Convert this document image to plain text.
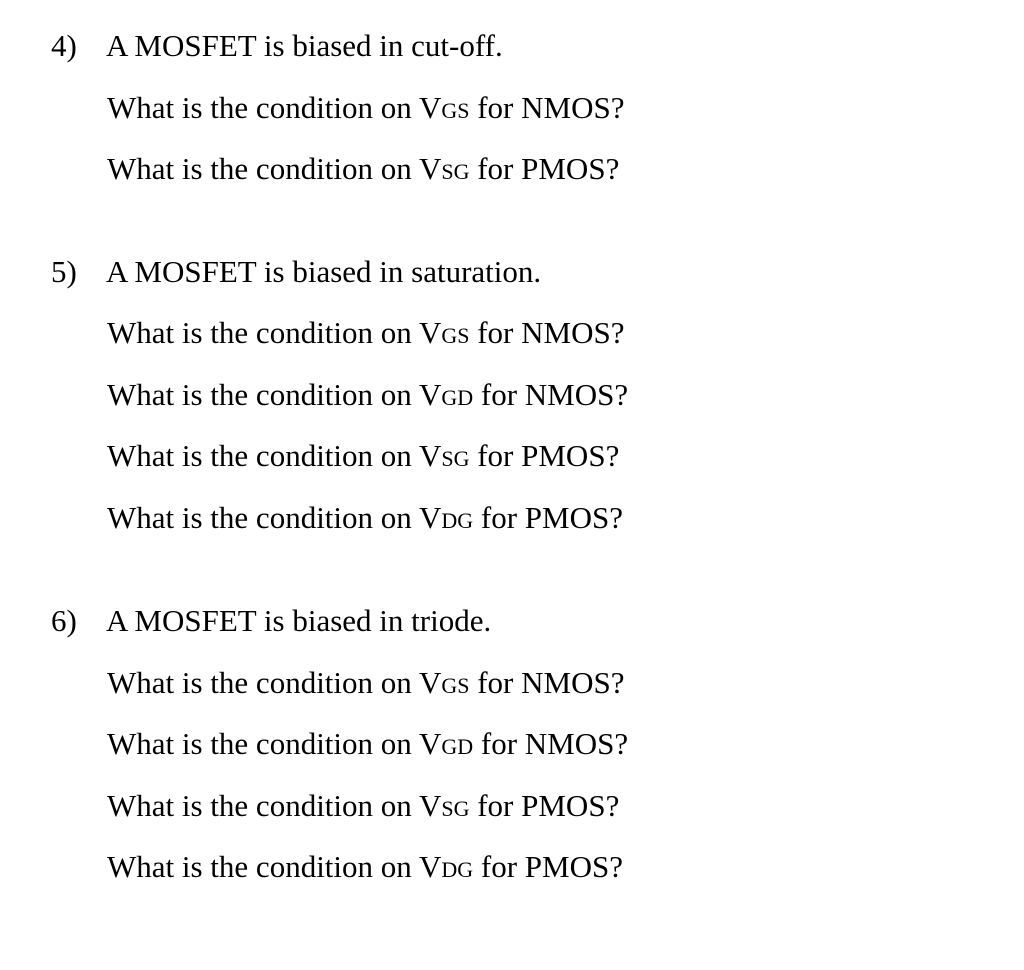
4) A MOSFET is biased in cut-off.
What is the condition on VGS for NMOS?
What is the condition on VSG for PMOS?
5) A MOSFET is biased in saturation.
What is the condition on VGS for NMOS?
What is the condition on VGD for NMOS?
What is the condition on VSG for PMOS?
What is the condition on VDG for PMOS?
6) A MOSFET is biased in triode.
What is the condition on VGS for NMOS?
What is the condition on VGD for NMOS?
What is the condition on VSG for PMOS?
What is the condition on VDG for PMOS?
